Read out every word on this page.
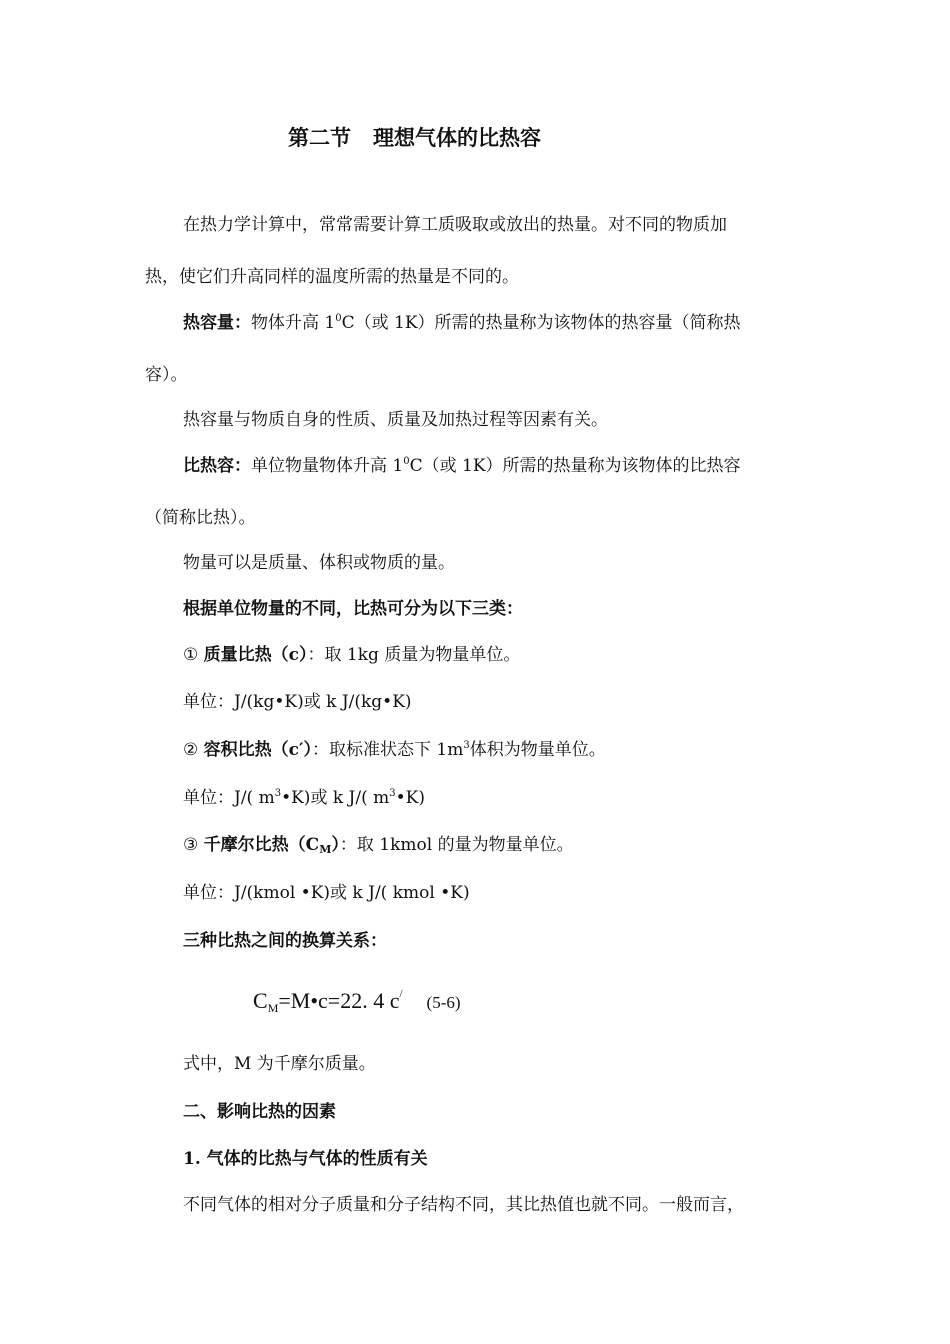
第二节 理想气体的比热容
在热力学计算中，常常需要计算工质吸取或放出的热量。对不同的物质加
热，使它们升高同样的温度所需的热量是不同的。
热容量：物体升高 $1^0C$（或 1K）所需的热量称为该物体的热容量（简称热
容）。
热容量与物质自身的性质、质量及加热过程等因素有关。
比热容：单位物量物体升高 $1^0C$（或 1K）所需的热量称为该物体的比热容
（简称比热）。
物量可以是质量、体积或物质的量。
根据单位物量的不同，比热可分为以下三类：
① 质量比热（c）：取 1kg 质量为物量单位。
单位：J/(kg•K)或 k J/(kg•K)
② 容积比热（c′）：取标准状态下 $1m^3$体积为物量单位。
单位：J/( $m^3•K$)或 k J/( $m^3•K$)
③ 千摩尔比热$(C_M)$：取 1kmol 的量为物量单位。
单位：J/(kmol •K)或 k J/( kmol •K)
三种比热之间的换算关系：
$C_M=M•c=22$. 4 c/ (5-6)
式中，M 为千摩尔质量。
二、影响比热的因素
1. 气体的比热与气体的性质有关
不同气体的相对分子质量和分子结构不同，其比热值也就不同。一般而言，
